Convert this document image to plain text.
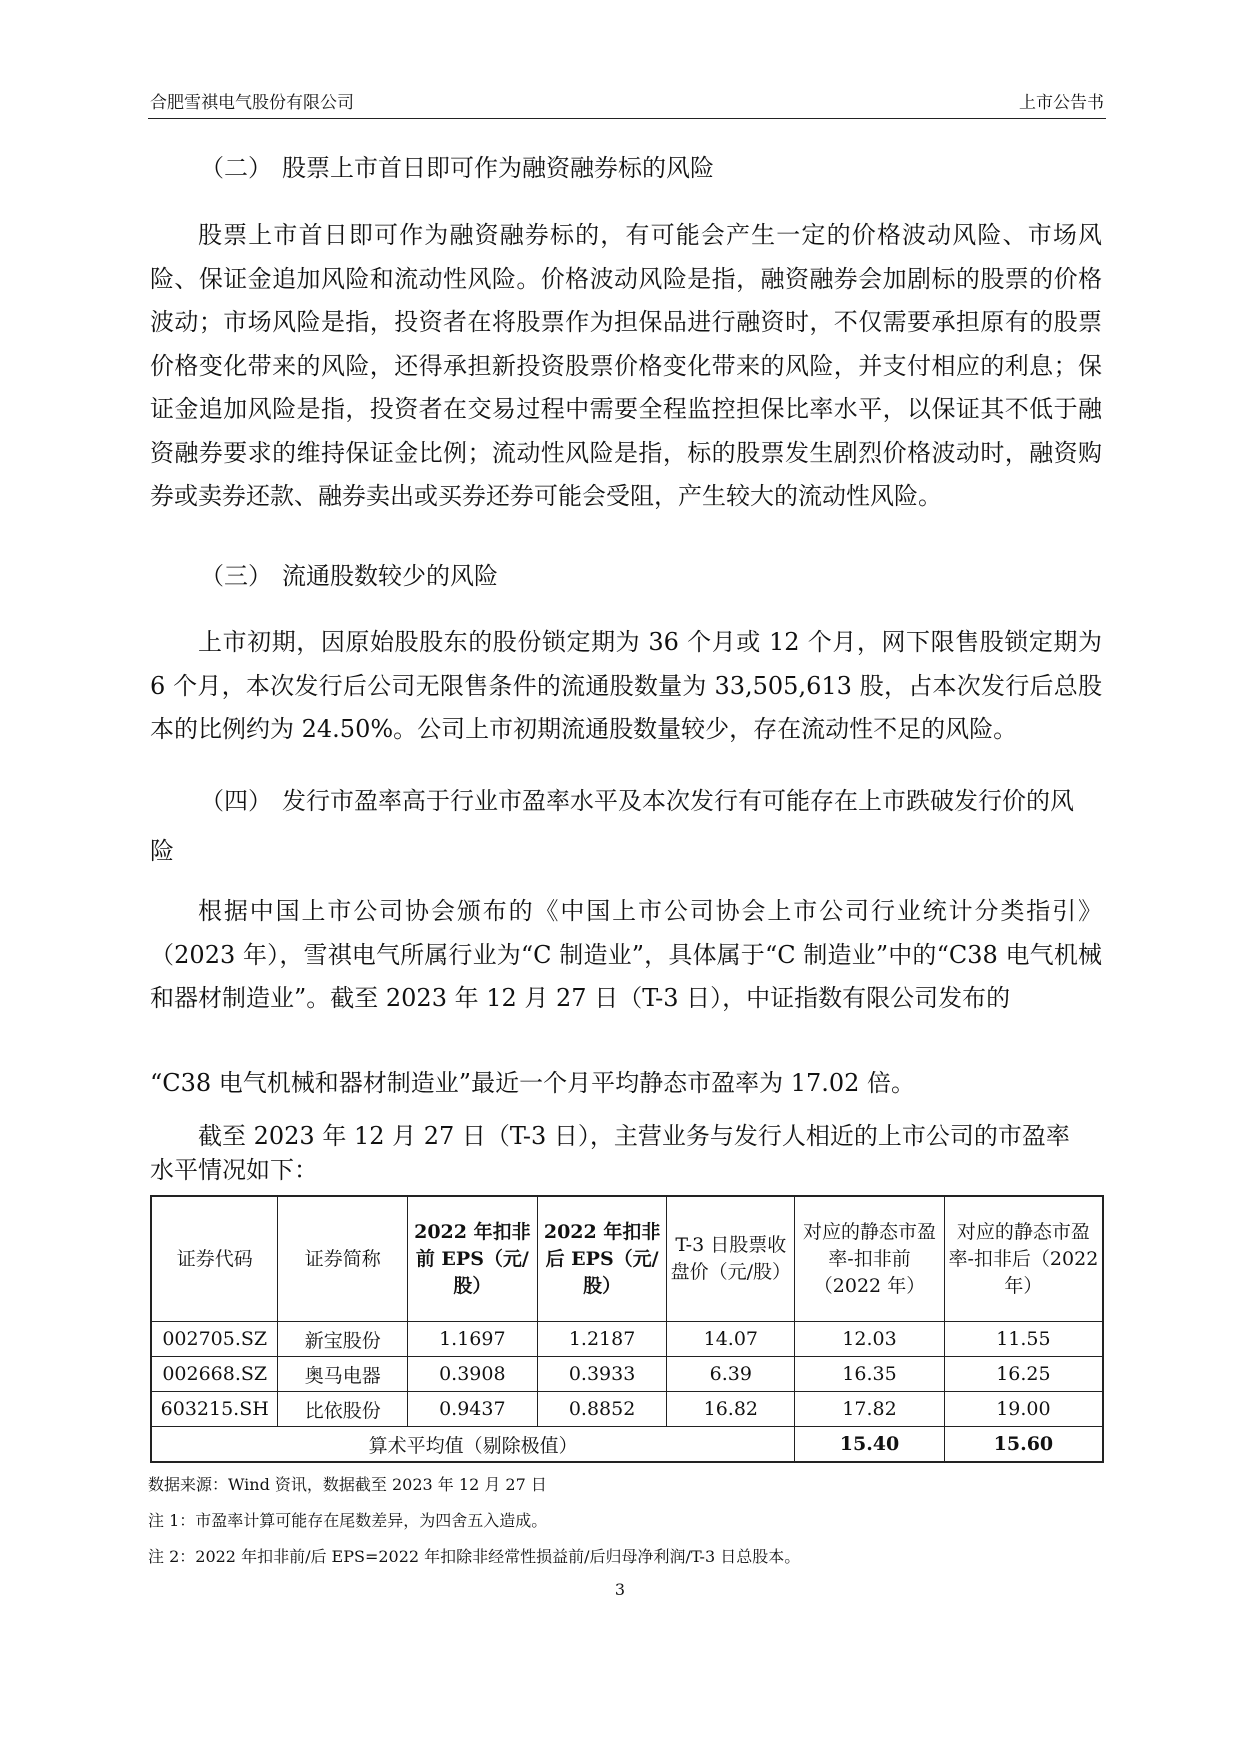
合肥雪祺电气股份有限公司	上市公告书
（二） 股票上市首日即可作为融资融券标的风险
股票上市首日即可作为融资融券标的，有可能会产生一定的价格波动风险、市场风险、保证金追加风险和流动性风险。价格波动风险是指，融资融券会加剧标的股票的价格波动；市场风险是指，投资者在将股票作为担保品进行融资时，不仅需要承担原有的股票价格变化带来的风险，还得承担新投资股票价格变化带来的风险，并支付相应的利息；保证金追加风险是指，投资者在交易过程中需要全程监控担保比率水平，以保证其不低于融资融券要求的维持保证金比例；流动性风险是指，标的股票发生剧烈价格波动时，融资购券或卖券还款、融券卖出或买券还券可能会受阻，产生较大的流动性风险。
（三） 流通股数较少的风险
上市初期，因原始股股东的股份锁定期为 36 个月或 12 个月，网下限售股锁定期为 6 个月，本次发行后公司无限售条件的流通股数量为 33,505,613 股，占本次发行后总股本的比例约为 24.50%。公司上市初期流通股数量较少，存在流动性不足的风险。
（四） 发行市盈率高于行业市盈率水平及本次发行有可能存在上市跌破发行价的风
险
根据中国上市公司协会颁布的《中国上市公司协会上市公司行业统计分类指引》（2023 年），雪祺电气所属行业为“C 制造业”，具体属于“C 制造业”中的“C38 电气机械和器材制造业”。截至 2023 年 12 月 27 日（T-3 日），中证指数有限公司发布的
“C38 电气机械和器材制造业”最近一个月平均静态市盈率为 17.02 倍。
截至 2023 年 12 月 27 日（T-3 日），主营业务与发行人相近的上市公司的市盈率
水平情况如下：
证券代码	证券简称	2022 年扣非前 EPS（元/股）	2022 年扣非后 EPS（元/股）	T-3 日股票收盘价（元/股）	对应的静态市盈率-扣非前（2022 年）	对应的静态市盈率-扣非后（2022 年）
002705.SZ	新宝股份	1.1697	1.2187	14.07	12.03	11.55
002668.SZ	奥马电器	0.3908	0.3933	6.39	16.35	16.25
603215.SH	比依股份	0.9437	0.8852	16.82	17.82	19.00
算术平均值（剔除极值）					15.40	15.60
数据来源：Wind 资讯，数据截至 2023 年 12 月 27 日
注 1：市盈率计算可能存在尾数差异，为四舍五入造成。
注 2：2022 年扣非前/后 EPS=2022 年扣除非经常性损益前/后归母净利润/T-3 日总股本。
3
